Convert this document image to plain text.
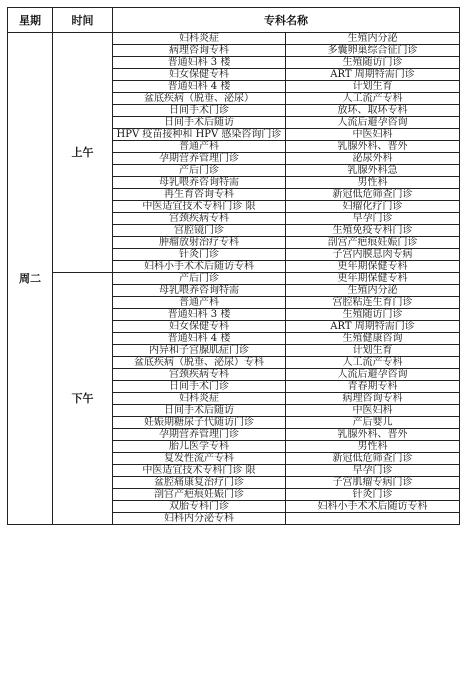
星期	时间	专科名称	
周二	上午	妇科炎症	生殖内分泌
		病理咨询专科	多囊卵巢综合征门诊
		普通妇科 3 楼	生殖随访门诊
		妇女保健专科	ART 周期特需门诊
		普通妇科 4 楼	计划生育
		盆底疾病（脱垂、泌尿）	人工流产专科
		日间手术门诊	放环、取环专科
		日间手术后随访	人流后避孕咨询
		HPV 疫苗接种和 HPV 感染咨询门诊	中医妇科
		普通产科	乳腺外科、普外
		孕期营养管理门诊	泌尿外科
		产后门诊	乳腺外科急
		母乳喂养咨询特需	男性科
		再生育咨询专科	新冠低危筛查门诊
		中医适宜技术专科门诊 限	妇瘤化疗门诊
		宫颈疾病专科	早孕门诊
		宫腔镜门诊	生殖免疫专科门诊
		肿瘤放射治疗专科	剖宫产疤痕妊娠门诊
		针灸门诊	子宫内膜息肉专病
		妇科小手术术后随访专科	更年期保健专科
	下午	产后门诊	更年期保健专科
		母乳喂养咨询特需	生殖内分泌
		普通产科	宫腔粘连生育门诊
		普通妇科 3 楼	生殖随访门诊
		妇女保健专科	ART 周期特需门诊
		普通妇科 4 楼	生殖健康咨询
		内异和子宫腺肌症门诊	计划生育
		盆底疾病（脱垂、泌尿）专科	人工流产专科
		宫颈疾病专科	人流后避孕咨询
		日间手术门诊	青春期专科
		妇科炎症	病理咨询专科
		日间手术后随访	中医妇科
		妊娠期糖尿子代随访门诊	产后婴儿
		孕期营养管理门诊	乳腺外科、普外
		胎儿医学专科	男性科
		复发性流产专科	新冠低危筛查门诊
		中医适宜技术专科门诊 限	早孕门诊
		盆腔痛康复治疗门诊	子宫肌瘤专病门诊
		剖宫产疤痕妊娠门诊	针灸门诊
		双胎专科门诊	妇科小手术术后随访专科
		妇科内分泌专科	
